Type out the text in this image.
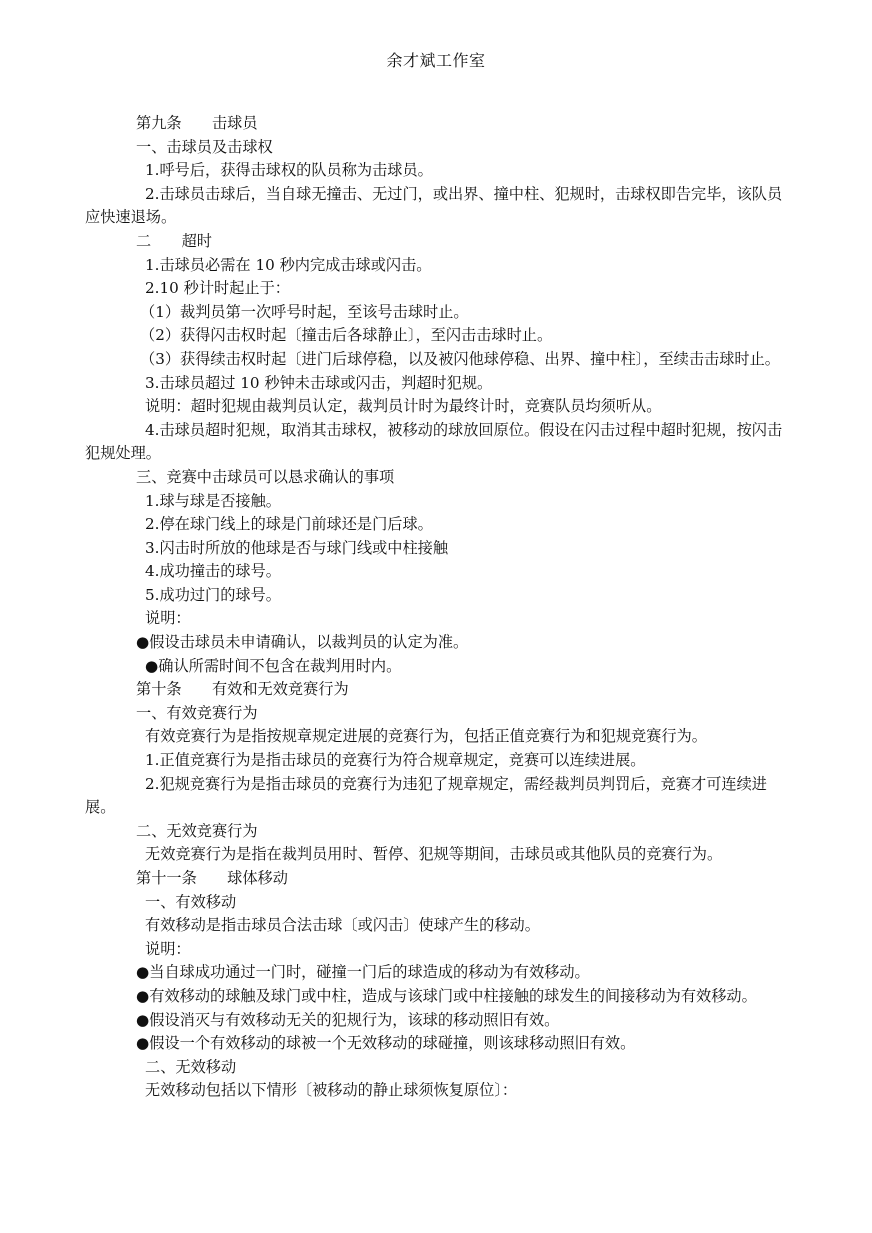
余才斌工作室
第九条　　击球员
一、击球员及击球权
1.呼号后，获得击球权的队员称为击球员。
2.击球员击球后，当自球无撞击、无过门，或出界、撞中柱、犯规时，击球权即告完毕，该队员应快速退场。
二　　超时
1.击球员必需在 10 秒内完成击球或闪击。
2.10 秒计时起止于：
（1）裁判员第一次呼号时起，至该号击球时止。
（2）获得闪击权时起〔撞击后各球静止〕，至闪击击球时止。
（3）获得续击权时起〔进门后球停稳，以及被闪他球停稳、出界、撞中柱〕，至续击击球时止。
3.击球员超过 10 秒钟未击球或闪击，判超时犯规。
说明：超时犯规由裁判员认定，裁判员计时为最终计时，竞赛队员均须听从。
4.击球员超时犯规，取消其击球权，被移动的球放回原位。假设在闪击过程中超时犯规，按闪击犯规处理。
三、竞赛中击球员可以恳求确认的事项
1.球与球是否接触。
2.停在球门线上的球是门前球还是门后球。
3.闪击时所放的他球是否与球门线或中柱接触
4.成功撞击的球号。
5.成功过门的球号。
说明：
●假设击球员未申请确认，以裁判员的认定为准。
●确认所需时间不包含在裁判用时内。
第十条　　有效和无效竞赛行为
一、有效竞赛行为
有效竞赛行为是指按规章规定进展的竞赛行为，包括正值竞赛行为和犯规竞赛行为。
1.正值竞赛行为是指击球员的竞赛行为符合规章规定，竞赛可以连续进展。
2.犯规竞赛行为是指击球员的竞赛行为违犯了规章规定，需经裁判员判罚后，竞赛才可连续进展。
二、无效竞赛行为
无效竞赛行为是指在裁判员用时、暂停、犯规等期间，击球员或其他队员的竞赛行为。
第十一条　　球体移动
一、有效移动
有效移动是指击球员合法击球〔或闪击〕使球产生的移动。
说明：
●当自球成功通过一门时，碰撞一门后的球造成的移动为有效移动。
●有效移动的球触及球门或中柱，造成与该球门或中柱接触的球发生的间接移动为有效移动。
●假设消灭与有效移动无关的犯规行为，该球的移动照旧有效。
●假设一个有效移动的球被一个无效移动的球碰撞，则该球移动照旧有效。
二、无效移动
无效移动包括以下情形〔被移动的静止球须恢复原位〕：
